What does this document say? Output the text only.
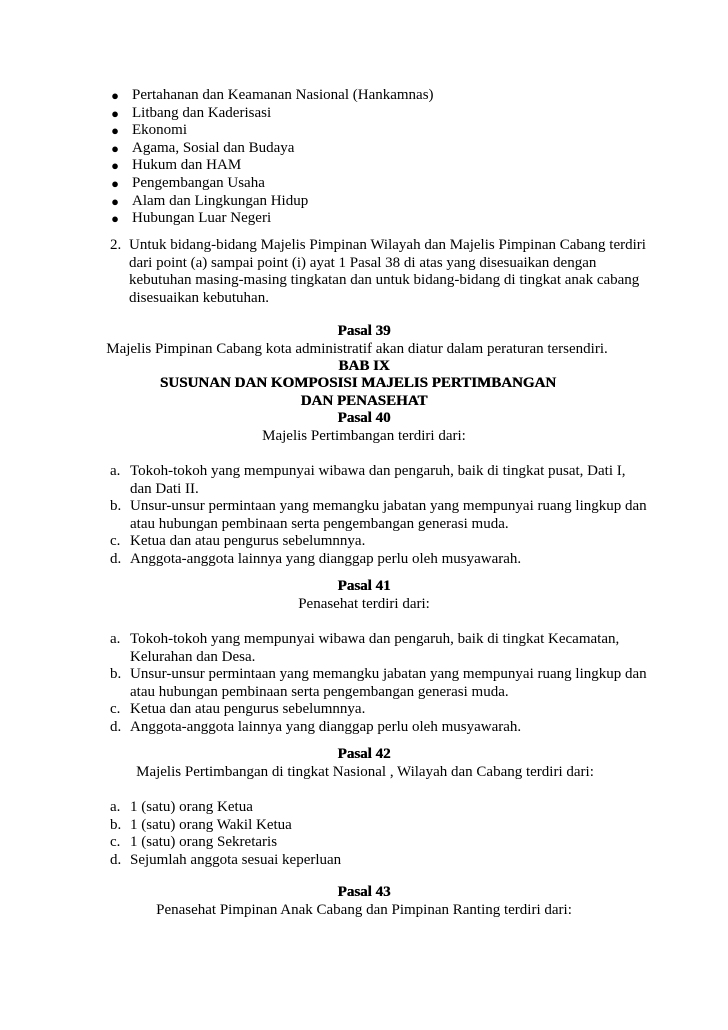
● Pertahanan dan Keamanan Nasional (Hankamnas)
● Litbang dan Kaderisasi
● Ekonomi
● Agama, Sosial dan Budaya
● Hukum dan HAM
● Pengembangan Usaha
● Alam dan Lingkungan Hidup
● Hubungan Luar Negeri
2. Untuk bidang-bidang Majelis Pimpinan Wilayah dan Majelis Pimpinan Cabang terdiri
dari point (a) sampai point (i) ayat 1 Pasal 38 di atas yang disesuaikan dengan
kebutuhan masing-masing tingkatan dan untuk bidang-bidang di tingkat anak cabang
disesuaikan kebutuhan.
Pasal 39
Majelis Pimpinan Cabang kota administratif akan diatur dalam peraturan tersendiri.
BAB IX
SUSUNAN DAN KOMPOSISI MAJELIS PERTIMBANGAN
DAN PENASEHAT
Pasal 40
Majelis Pertimbangan terdiri dari:
a. Tokoh-tokoh yang mempunyai wibawa dan pengaruh, baik di tingkat pusat, Dati I,
dan Dati II.
b. Unsur-unsur permintaan yang memangku jabatan yang mempunyai ruang lingkup dan
atau hubungan pembinaan serta pengembangan generasi muda.
c. Ketua dan atau pengurus sebelumnnya.
d. Anggota-anggota lainnya yang dianggap perlu oleh musyawarah.
Pasal 41
Penasehat terdiri dari:
a. Tokoh-tokoh yang mempunyai wibawa dan pengaruh, baik di tingkat Kecamatan,
Kelurahan dan Desa.
b. Unsur-unsur permintaan yang memangku jabatan yang mempunyai ruang lingkup dan
atau hubungan pembinaan serta pengembangan generasi muda.
c. Ketua dan atau pengurus sebelumnnya.
d. Anggota-anggota lainnya yang dianggap perlu oleh musyawarah.
Pasal 42
Majelis Pertimbangan di tingkat Nasional , Wilayah dan Cabang terdiri dari:
a. 1 (satu) orang Ketua
b. 1 (satu) orang Wakil Ketua
c. 1 (satu) orang Sekretaris
d. Sejumlah anggota sesuai keperluan
Pasal 43
Penasehat Pimpinan Anak Cabang dan Pimpinan Ranting terdiri dari:
